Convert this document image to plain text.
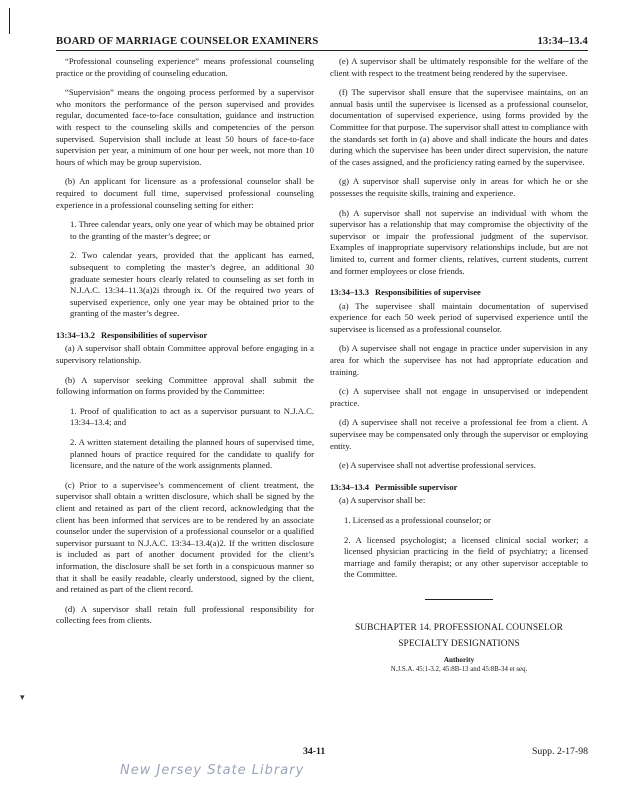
BOARD OF MARRIAGE COUNSELOR EXAMINERS	13:34–13.4

“Professional counseling experience” means professional counseling practice or the providing of counseling education.

“Supervision” means the ongoing process performed by a supervisor who monitors the performance of the person supervised and provides regular, documented face-to-face consultation, guidance and instruction with respect to the counseling skills and competencies of the person supervised. Supervision shall include at least 50 hours of face-to-face supervision per year, a minimum of one hour per week, not more than 10 hours of which may be group supervision.

(b) An applicant for licensure as a professional counselor shall be required to document full time, supervised professional counseling experience in a professional counseling setting for either:

1. Three calendar years, only one year of which may be obtained prior to the granting of the master’s degree; or

2. Two calendar years, provided that the applicant has earned, subsequent to completing the master’s degree, an additional 30 graduate semester hours clearly related to counseling as set forth in N.J.A.C. 13:34–11.3(a)2i through ix. Of the required two years of supervised experience, only one year may be obtained prior to the granting of the master’s degree.

13:34–13.2 Responsibilities of supervisor

(a) A supervisor shall obtain Committee approval before engaging in a supervisory relationship.

(b) A supervisor seeking Committee approval shall submit the following information on forms provided by the Committee:

1. Proof of qualification to act as a supervisor pursuant to N.J.A.C. 13:34–13.4; and

2. A written statement detailing the planned hours of supervised time, planned hours of practice required for the candidate to qualify for licensure, and the nature of the work assignments planned.

(c) Prior to a supervisee’s commencement of client treatment, the supervisor shall obtain a written disclosure, which shall be signed by the client and retained as part of the client record, acknowledging that the client has been informed that services are to be rendered by an associate counselor under the supervision of a professional counselor or a qualified supervisor pursuant to N.J.A.C. 13:34–13.4(a)2. If the written disclosure is included as part of another document provided for the client’s information, the disclosure shall be set forth in a conspicuous manner so that it shall be easily readable, clearly understood, signed by the client, and retained as part of the client record.

(d) A supervisor shall retain full professional responsibility for collecting fees from clients.

(e) A supervisor shall be ultimately responsible for the welfare of the client with respect to the treatment being rendered by the supervisee.

(f) The supervisor shall ensure that the supervisee maintains, on an annual basis until the supervisee is licensed as a professional counselor, documentation of supervised experience, using forms provided by the Committee for that purpose. The supervisor shall attest to compliance with the standards set forth in (a) above and shall indicate the hours and dates during which the supervisee has been under direct supervision, the nature of the cases assigned, and the proficiency rating earned by the supervisee.

(g) A supervisor shall supervise only in areas for which he or she possesses the requisite skills, training and experience.

(h) A supervisor shall not supervise an individual with whom the supervisor has a relationship that may compromise the objectivity of the supervisor or impair the professional judgment of the supervisor. Examples of inappropriate supervisory relationships include, but are not limited to, current and former clients, relatives, current students, current and former employees or close friends.

13:34–13.3 Responsibilities of supervisee

(a) The supervisee shall maintain documentation of supervised experience for each 50 week period of supervised experience until the supervisee is licensed as a professional counselor.

(b) A supervisee shall not engage in practice under supervision in any area for which the supervisee has not had appropriate education and training.

(c) A supervisee shall not engage in unsupervised or independent practice.

(d) A supervisee shall not receive a professional fee from a client. A supervisee may be compensated only through the supervisor or employing entity.

(e) A supervisee shall not advertise professional services.

13:34–13.4 Permissible supervisor

(a) A supervisor shall be:

1. Licensed as a professional counselor; or

2. A licensed psychologist; a licensed clinical social worker; a licensed physician practicing in the field of psychiatry; a licensed marriage and family therapist; or any other supervisor acceptable to the Committee.

SUBCHAPTER 14. PROFESSIONAL COUNSELOR
SPECIALTY DESIGNATIONS
Authority
N.J.S.A. 45:1-3.2, 45:8B-13 and 45:8B-34 et seq.
▾
34-11	Supp. 2-17-98
New Jersey State Library
